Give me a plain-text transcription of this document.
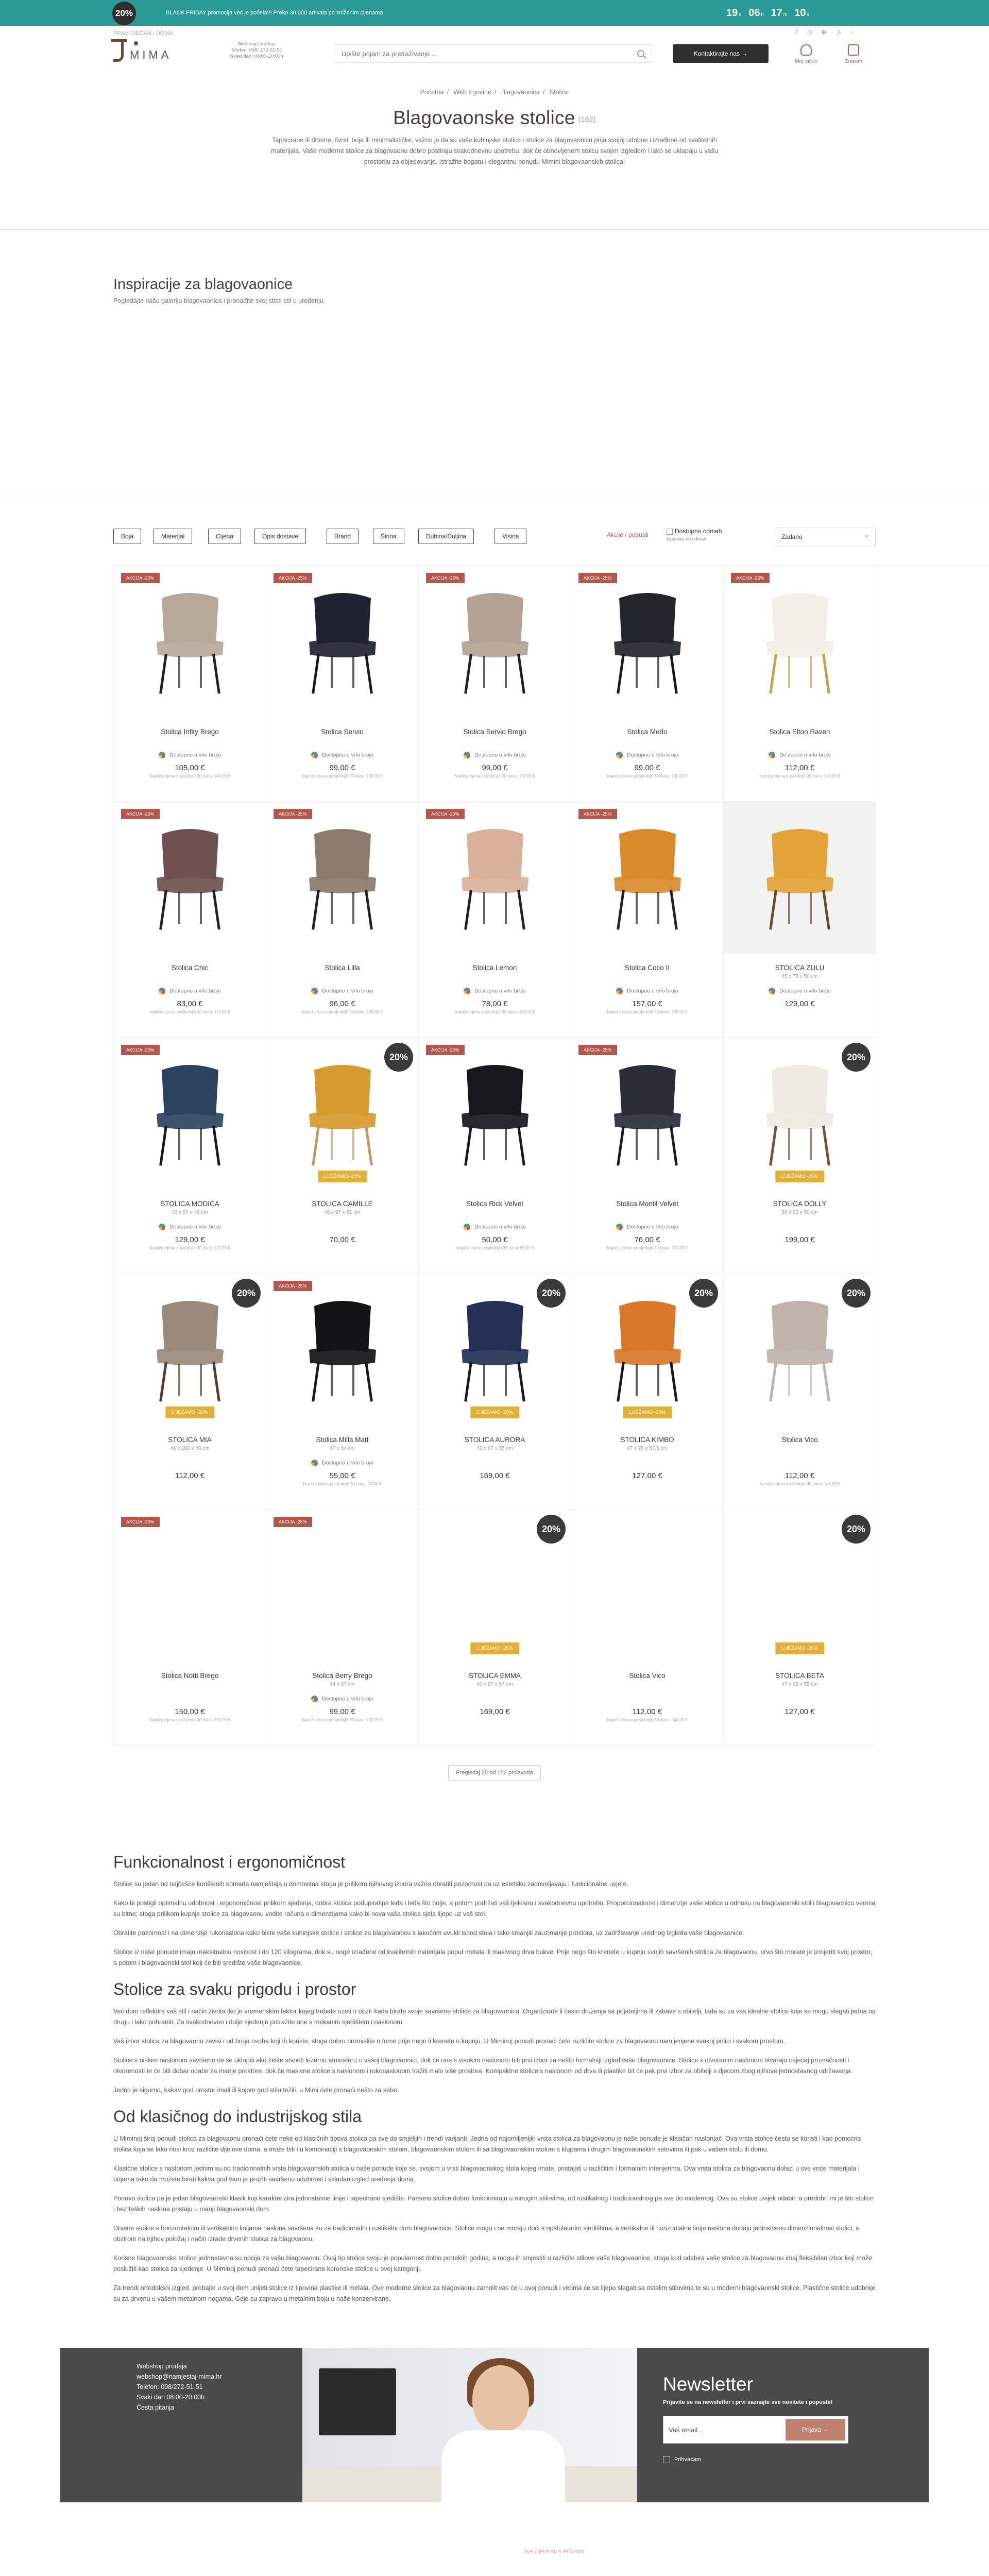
20%	BLACK FRIDAY promocija već je počela!!! Preko 30.000 artikala po sniženim cijenama	19 d 06 h 17 m 10 s
PRAVI DEČAN | DOMA
MIMA
Webshop prodaja
Telefon: 098/ 272-51-51
Svaki dan: 08:00-20:00h
f ◎ ▶ 𝓅 ♪
Upište pojam za pretraživanje....
Kontaktirajte nas →
Moj račun	Zrakom
Početna / Web trgovine / Blagovaonica / Stolice
Blagovaonske stolice (162)

Tapecirane ili drvene, čvrsti boja ili minimalističke, važno je da su vaše kuhinjske stolice i stolice za blagovaonicu prija svojoj udobne i izrađene od kvalitetnih materijala. Vaše moderne stolice za blagovaonu dobro postiraju svakodnevnu upotrebu, dok će obnovljenom stolcu svojim izgledom i lako se uklapaju u vašu prostoriju za objedovanje. Istražite bogatu i elegantnu ponudu Mimini blagovaonskih stolica!

Inspiracije za blagovaonice

Pogledajte našu galeriju blagovaonica i pronađite svoj stisti stil u uređenju.

Boja	Materijal	Cijena	Opis dostave	Brand	Širina	Dubina/Duljina	Visina	Akcije / popusti	Dostupno odmah
Isporuka od odmah	Zadano ⌄
AKCIJA -25%
Stolica Infity Brego
Dostupno u vrlo brojo
105,00 €
Najniža cijena posljednjih 30 dana: 140,00 €
AKCIJA -25%
Stolica Servio
Dostupno u vrlo brojo
99,00 €
Najniža cijena posljednjih 30 dana: 132,00 €
AKCIJA -25%
Stolica Servio Brego
Dostupno u vrlo brojo
99,00 €
Najniža cijena posljednjih 30 dana: 132,00 €
AKCIJA -25%
Stolica Merlo
Dostupno u vrlo brojo
99,00 €
Najniža cijena posljednjih 30 dana: 132,00 €
AKCIJA -25%
Stolica Elton Raven
Dostupno u vrlo brojo
112,00 €
Najniža cijena posljednjih 30 dana: 149,00 €
AKCIJA -25%
Stolica Chic
Dostupno u vrlo brojo
83,00 €
Najniža cijena posljednjih 30 dana: 110,00 €
AKCIJA -25%
Stolica Lilla
Dostupno u vrlo brojo
96,00 €
Najniža cijena posljednjih 30 dana: 128,00 €
AKCIJA -25%
Stolica Lemon
Dostupno u vrlo brojo
78,00 €
Najniža cijena posljednjih 30 dana: 104,00 €
AKCIJA -25%
Stolica Coco II
Dostupno u vrlo brojo
157,00 €
Najniža cijena posljednjih 30 dana: 209,00 €
STOLICA ZULU
45 x 76 x 50 cm
Dostupno u vrlo brojo
129,00 €
AKCIJA -25%
STOLICA MODICA
42 x 84 x 46 cm
Dostupno u vrlo brojo
129,00 €
Najniža cijena posljednjih 30 dana: 172,00 €
20%
LIJEŽAMO -20%
STOLICA CAMILLE
46 x 97 x 51 cm
70,00 €
AKCIJA -25%
Stolica Rick Velvet
Dostupno u vrlo brojo
50,00 €
Najniža cijena posljednjih 30 dana: 66,00 €
AKCIJA -25%
Stolica Montil Velvet
Dostupno u vrlo brojo
76,00 €
Najniža cijena posljednjih 30 dana: 101,00 €
20%
LIJEŽAMO -20%
STOLICA DOLLY
56 x 83 x 50 cm
199,00 €
20%
LIJEŽAMO -20%
STOLICA MIA
46 x 100 x 48 cm
112,00 €
AKCIJA -25%
Stolica Milla Matt
47 x 84 cm
Dostupno u vrlo brojo
55,00 €
Najniža cijena posljednjih 30 dana: 73,00 €
20%
LIJEŽAMO -20%
STOLICA AURORA
46 x 87 x 55 cm
169,00 €
20%
LIJEŽAMO -20%
STOLICA KIMBO
47 x 78 x 57.5 cm
127,00 €
20%
Stolica Vico
112,00 €
Najniža cijena posljednjih 30 dana: 140,00 €
AKCIJA -25%
Stolica Notti Brego
150,00 €
Najniža cijena posljednjih 30 dana: 200,00 €
AKCIJA -25%
Stolica Berry Brego
44 x 87 cm
Dostupno u vrlo brojo
99,00 €
Najniža cijena posljednjih 30 dana: 132,00 €
20%
LIJEŽAMO -20%
STOLICA EMMA
46 x 87 x 57 cm
169,00 €
Stolica Vico
112,00 €
Najniža cijena posljednjih 30 dana: 140,00 €
20%
LIJEŽAMO -20%
STOLICA BETA
47 x 98 x 55 cm
127,00 €
Pregledaj 25 od 152 proizvoda
Funkcionalnost i ergonomičnost

Stolice su jedan od najčešće korištenih komada namještaja u domovima stoga je prilikom njihovog izbora važno obratiti pozornost da uz estetsku zadovoljavaju i funkcionalne uvjete.

Kako bi postigli optimalnu udobnost i ergonomičnost prilikom sjedenja, dobra stolica podupiratipe leđa i leđa što bolje, a pritom podržati vaš tjelesnu i svakodnevnu upotrebu. Proporcionalnost i dimenzije vaše stolice u odnosu na blagovaonski stol i blagovaonicu veoma su bitne; stoga prilikom kupnje stolice za blagovaonu vodite računa o dimenzijama kako bi nova vaša stolica sjela lijepo uz vaš stol.

Obratite pozornost i na dimenzije rukonaslona kako biste vaše kuhinjske stolice i stolice za blagovaonicu s lakoćom uvukli ispod stola i tako smanjili zauzimanje prostora, uz zadržavanje urednog izgleda vaše blagovaonice.

Stolice iz naše ponude imaju maksimalnu nosivost i do 120 kilograma, dok su noge izrađene od kvalitetnih materijala poput metala ili masivnog drva bukve. Prije nego što krenete u kupnju svojih savršenih stolica za blagovaonu, prvo što morate je izmjeriti svoj prostor, a potom i blagovaonski stol koji će biti središte vaše blagovaonice.

Stolice za svaku prigodu i prostor

Već dom reflektira vaš stil i način života tko je vremenskim faktor kojeg trebate uzeti u obzir kada birate svoje savršene stolice za blagovaonicu. Organizirate li često druženja sa prijateljima ili zabave s obitelji, tada su za vas idealne stolice koje se mogu slagati jedna na drugu i lako pohraniti. Za svakodnevno i dulje sjedenje potražite one s mekanim sjedištem i naslonom.

Vaš izbor stolica za blagovaonu zavisi i od broja osoba koji ih koriste, stoga dobro promislite o tome prije nego li krenete u kupnju. U Miminoj ponudi pronaći ćete različite stolice za blagovaonu namijenjene svakoj prilici i svakom prostoru.

Stolice s niskim naslonom savršeno će se uklopiti ako želite stvoriti ležernu atmosferu u vašoj blagovaonici, dok će one s visokim naslonom biti prvi izbor za nešto formalniji izgled vaše blagovaonice. Stolice s otvorenim naslonom stvaraju osjećaj prozračnosti i otvorenosti te će biti dobar odabir za manje prostore, dok će masivne stolice s naslonom i rukonaslonom tražiti malo više prostora. Kompaktne stolice s naslonom od drva ili plastike bit će pak prvi izbor za obitelji s djecom zbog njihove jednostavnog održavanja.

Jedno je sigurno, kakav god prostor imali ili kojom god stilu težili, u Mimi ćete pronaći nešto za sebe.

Od klasičnog do industrijskog stila

U Miminoj široj ponudi stolica za blagovaonu pronaći ćete neke od klasičnih tipova stolica pa sve do smjelijih i trendi varijanti. Jedna od najomiljenijih vrsta stolica za blagovaonu je naše ponude je klasičan naslonjač. Ova vrsta stolice često se koristi i kao pomoćna stolica koja se lako nosi kroz različite dijelove doma, a može biti i u kombinaciji s blagovaonskim stolom, blagovaonskim stolom ili sa blagovaonskim stolom s klupama i drugim blagovaonskim setovima ili pak u vašem stolu ili domu.

Klasične stolice s naslonom jednim su od tradicionalnih vrsta blagovaonskih stolica u naše ponude koje se, svojom u vrsti blagovaonskog stola kojeg imate, pristajati u različitim i formalnim interijerima. Ova vrsta stolica za blagovaonu dolazi u sve vrste materijala i bojama tako da možete birati kakva god vam je pružiti savršenu udobnost i skladan izgled uređenja doma.

Ponovo stolica pa je jedan blagovaonski klasik koji karakterizira jednostavne linije i tapecirano sjedište. Parsons stolice dobro funkcioniraju u mnogim stilovima, od rustikalnog i tradicionalnog pa sve do modernog. Ova su stolice uvijek odabir, a predobri mi je što stolice i bez teških naslona pristaju u manji blagovaonski dom.

Drvene stolice s horizontalnim ili vertikalnim linijama naslona savršena su za tradicionalni i rustikalni dom blagovaonice. Stolice mogu i ne moraju doći s opstulatarim sjedištima, a vertikalne ili horizontalne linije naslona dodaju jedinstvenu dimenzionalnost stolici, s obzirom na njihov položaj i način izrade drvenih stolica za blagovaonu.

Korisne blagovaonske stolice jednostavna su opcija za vašu blagovaonu. Ovaj tip stolice svoju je popularnost dobio proteklih godina, a mogu ih smjestiti u različite stilove vaše blagovaonice, stoga kod odabira vaše stolice za blagovaonu imaj fleksibilan izbor koji može poslužiti kao stolica za sjedenje. U Miminoj ponudi pronaći ćete tapecirane koronske stolice u ovoj kategoriji.

Za trendi ortodoksni izgled, probajte u svoj dom unijeti stolice iz tipovina plastike ili metala. Ove moderne stolice za blagovaonu zamolit vas će u ovoj ponudi i veoma će se lijepo slagati sa ostalim stilovima te su u moderni blagovaonski stolice. Plastične stolice udobnije su za drvenu u vašem metalnom nogama, Gdje su zapravo u metalnim boju u naše konzervirane.

Webshop prodaja
webshop@namjestaj-mima.hr
Telefon: 098/272-51-51
Svaki dan 08:00-20:00h
Česta pitanja
Newsletter
Prijavite se na newsletter i prvi saznajte sve novitete i popuste!
Vaš email...	Prijava →
Prihvaćam
Sve cijene su s PDV-om
